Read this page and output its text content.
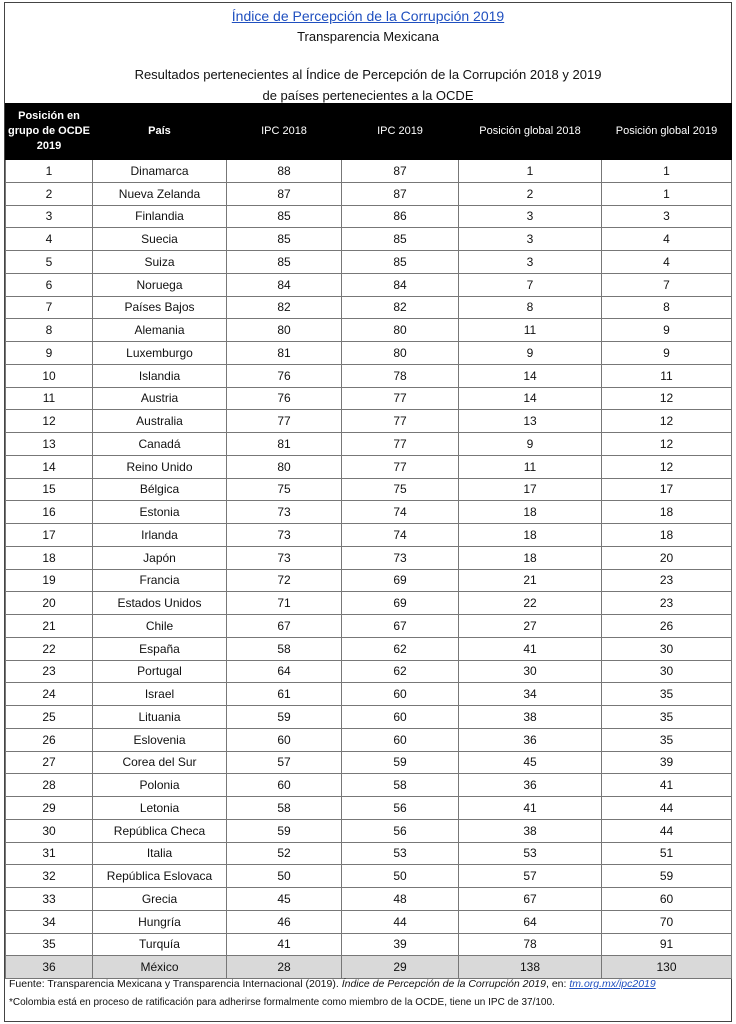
Índice de Percepción de la Corrupción 2019
Transparencia Mexicana
Resultados pertenecientes al Índice de Percepción de la Corrupción 2018 y 2019
de países pertenecientes a la OCDE
Posición en grupo de OCDE 2019	País	IPC 2018	IPC 2019	Posición global 2018	Posición global 2019
1	Dinamarca	88	87	1	1
2	Nueva Zelanda	87	87	2	1
3	Finlandia	85	86	3	3
4	Suecia	85	85	3	4
5	Suiza	85	85	3	4
6	Noruega	84	84	7	7
7	Países Bajos	82	82	8	8
8	Alemania	80	80	11	9
9	Luxemburgo	81	80	9	9
10	Islandia	76	78	14	11
11	Austria	76	77	14	12
12	Australia	77	77	13	12
13	Canadá	81	77	9	12
14	Reino Unido	80	77	11	12
15	Bélgica	75	75	17	17
16	Estonia	73	74	18	18
17	Irlanda	73	74	18	18
18	Japón	73	73	18	20
19	Francia	72	69	21	23
20	Estados Unidos	71	69	22	23
21	Chile	67	67	27	26
22	España	58	62	41	30
23	Portugal	64	62	30	30
24	Israel	61	60	34	35
25	Lituania	59	60	38	35
26	Eslovenia	60	60	36	35
27	Corea del Sur	57	59	45	39
28	Polonia	60	58	36	41
29	Letonia	58	56	41	44
30	República Checa	59	56	38	44
31	Italia	52	53	53	51
32	República Eslovaca	50	50	57	59
33	Grecia	45	48	67	60
34	Hungría	46	44	64	70
35	Turquía	41	39	78	91
36	México	28	29	138	130
Fuente: Transparencia Mexicana y Transparencia Internacional (2019). Índice de Percepción de la Corrupción 2019, en: tm.org.mx/ipc2019
*Colombia está en proceso de ratificación para adherirse formalmente como miembro de la OCDE, tiene un IPC de 37/100.
